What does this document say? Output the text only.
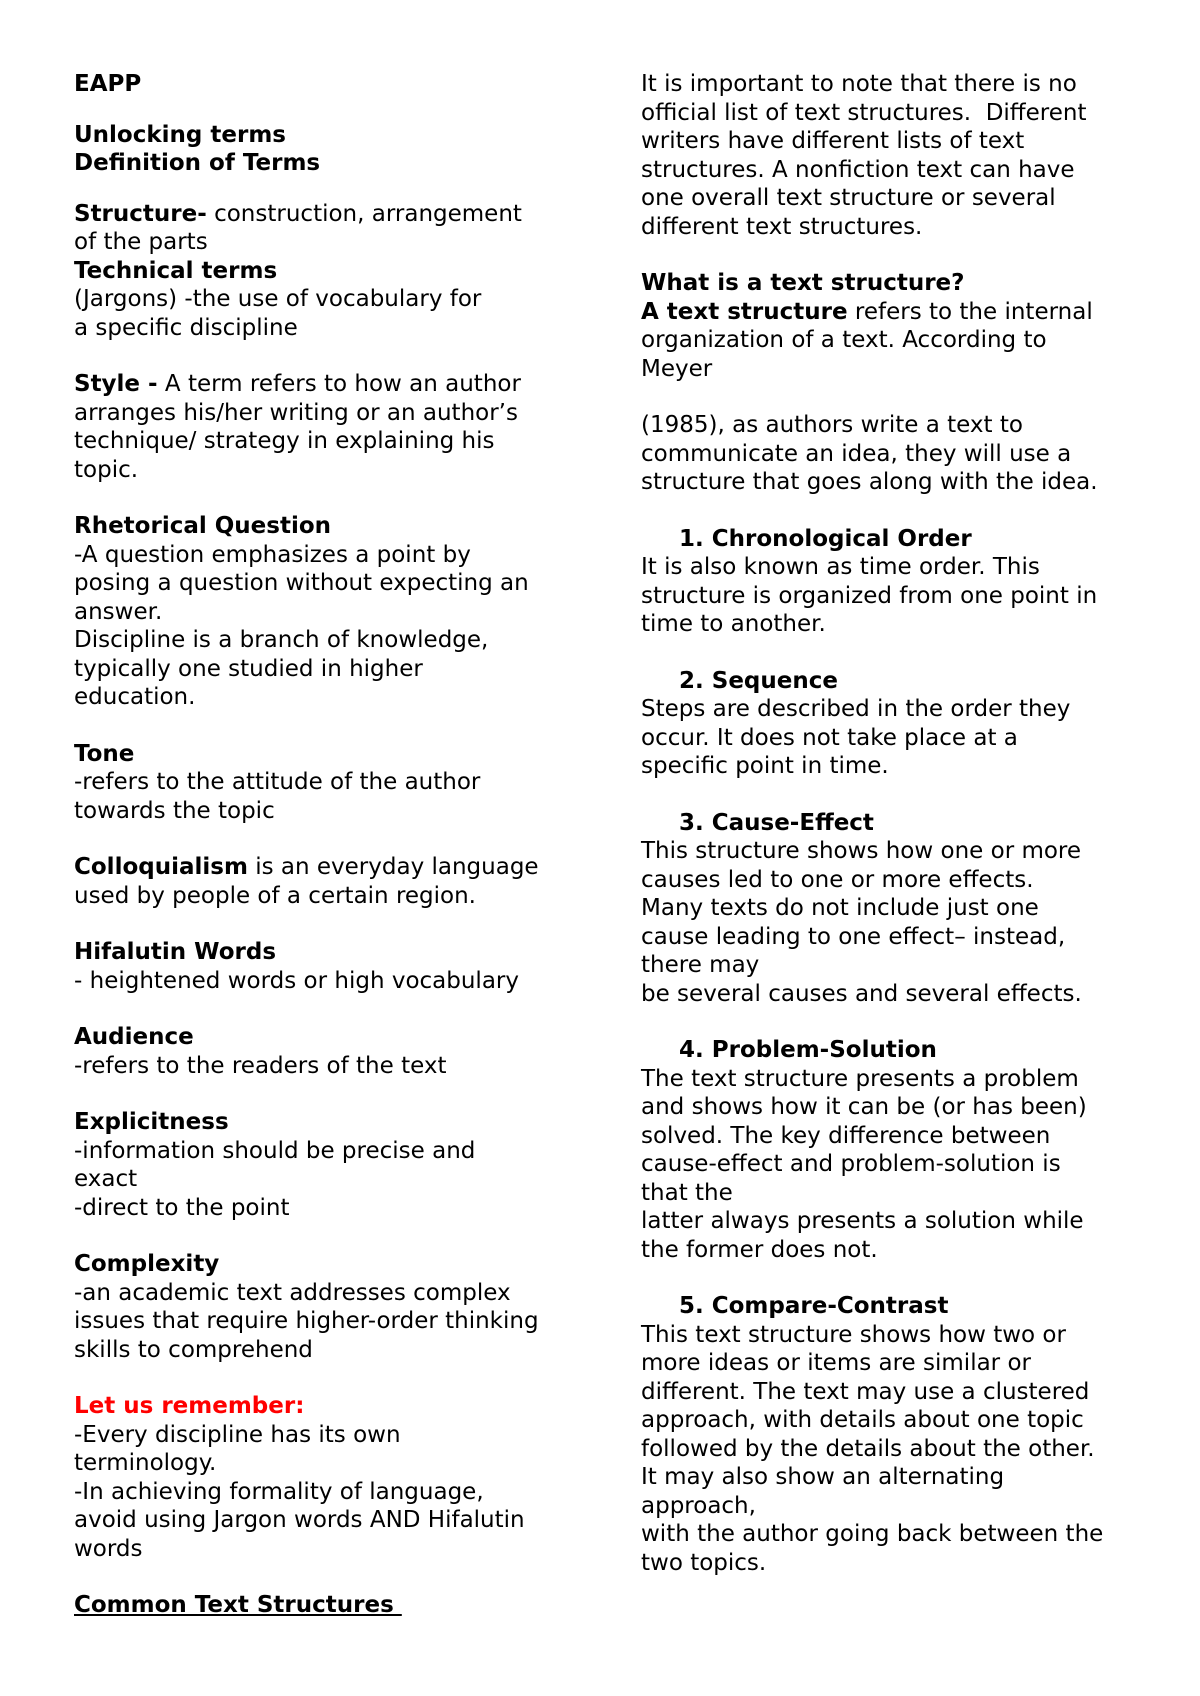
EAPP
Unlocking terms
Definition of Terms
Structure- construction, arrangement
of the parts
Technical terms
(Jargons) -the use of vocabulary for
a specific discipline
Style - A term refers to how an author
arranges his/her writing or an author’s
technique/ strategy in explaining his
topic.
Rhetorical Question
-A question emphasizes a point by
posing a question without expecting an
answer.
Discipline is a branch of knowledge,
typically one studied in higher
education.
Tone
-refers to the attitude of the author
towards the topic
Colloquialism is an everyday language
used by people of a certain region.
Hifalutin Words
- heightened words or high vocabulary
Audience
-refers to the readers of the text
Explicitness
-information should be precise and
exact
-direct to the point
Complexity
-an academic text addresses complex
issues that require higher-order thinking
skills to comprehend
Let us remember:
-Every discipline has its own
terminology.
-In achieving formality of language,
avoid using Jargon words AND Hifalutin
words
Common Text Structures
It is important to note that there is no
official list of text structures.  Different
writers have different lists of text
structures. A nonfiction text can have
one overall text structure or several
different text structures.
What is a text structure?
A text structure refers to the internal
organization of a text. According to
Meyer
(1985), as authors write a text to
communicate an idea, they will use a
structure that goes along with the idea.
1. Chronological Order
It is also known as time order. This
structure is organized from one point in
time to another.
2. Sequence
Steps are described in the order they
occur. It does not take place at a
specific point in time.
3. Cause-Effect
This structure shows how one or more
causes led to one or more effects.
Many texts do not include just one
cause leading to one effect– instead,
there may
be several causes and several effects.
4. Problem-Solution
The text structure presents a problem
and shows how it can be (or has been)
solved. The key difference between
cause-effect and problem-solution is
that the
latter always presents a solution while
the former does not.
5. Compare-Contrast
This text structure shows how two or
more ideas or items are similar or
different. The text may use a clustered
approach, with details about one topic
followed by the details about the other.
It may also show an alternating
approach,
with the author going back between the
two topics.
